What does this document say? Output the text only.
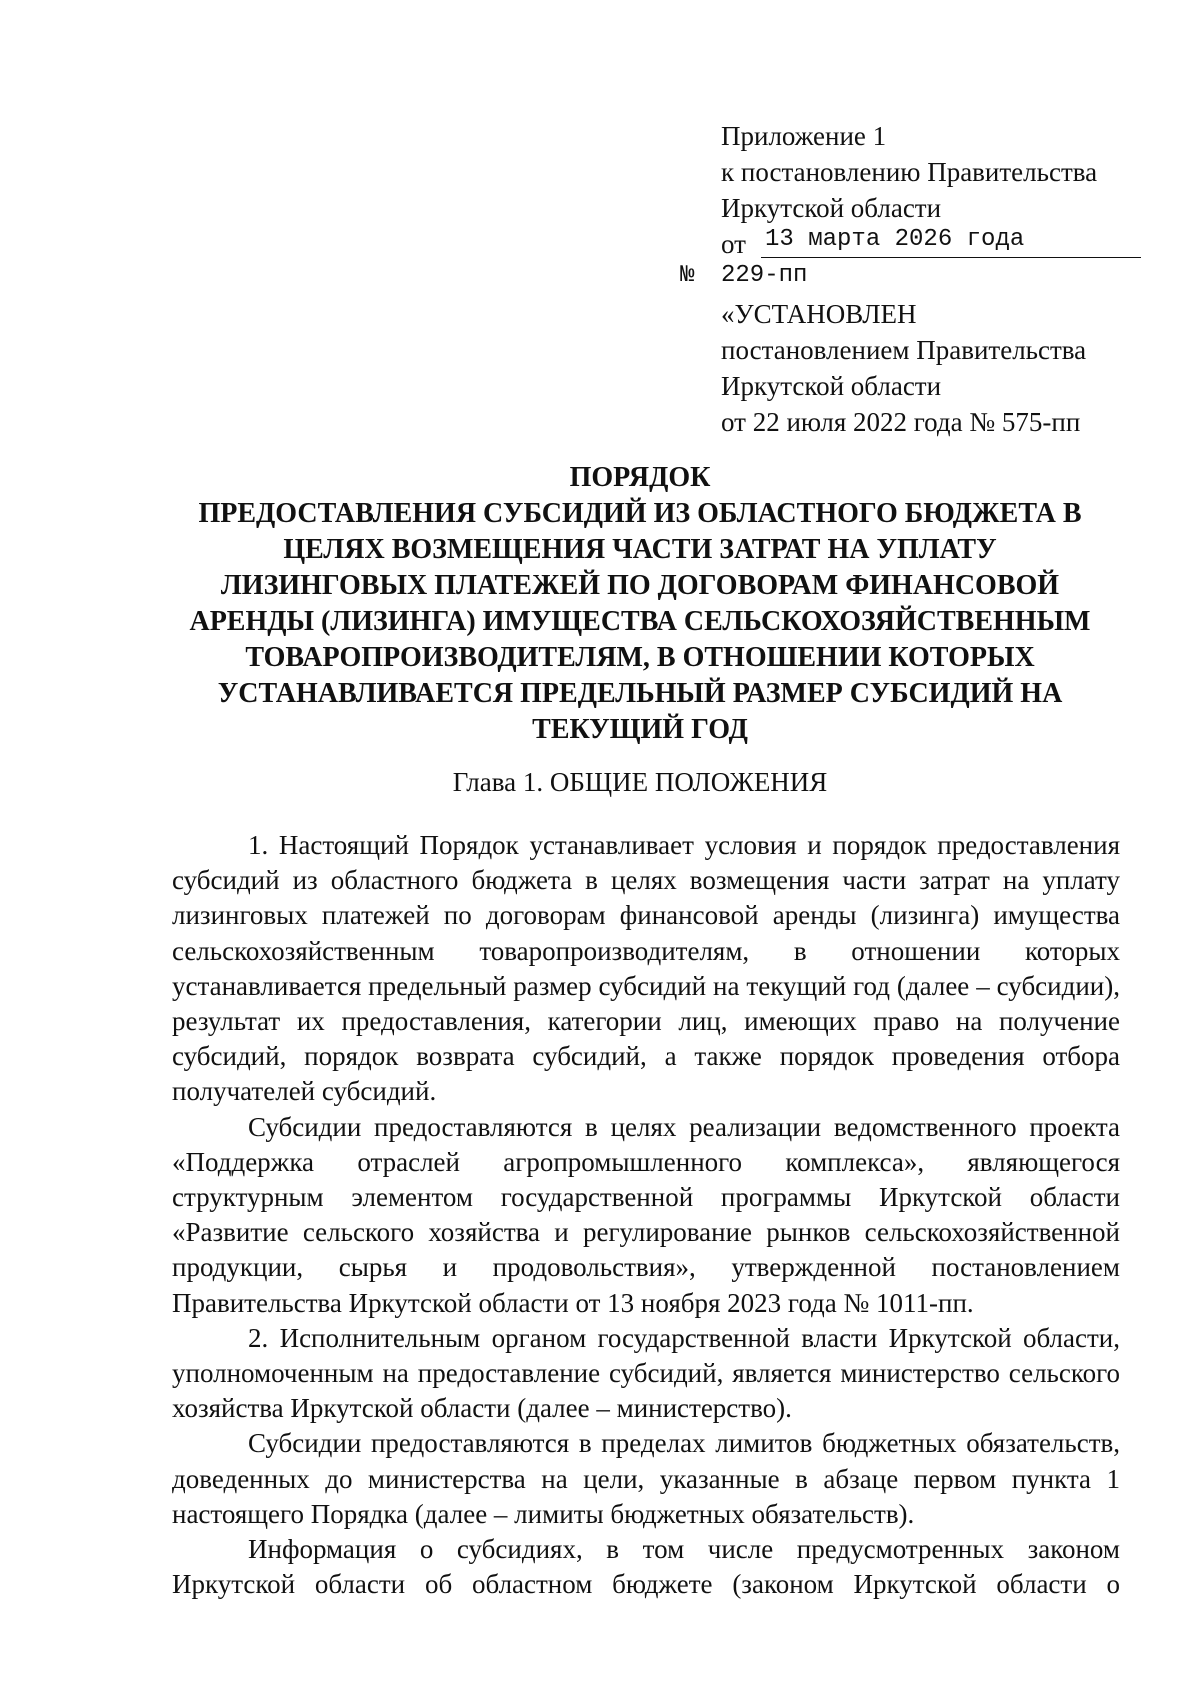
Приложение 1
к постановлению Правительства
Иркутской области
от 13 марта 2026 года
№ 229-пп
«УСТАНОВЛЕН
постановлением Правительства
Иркутской области
от 22 июля 2022 года № 575-пп
ПОРЯДОК
ПРЕДОСТАВЛЕНИЯ СУБСИДИЙ ИЗ ОБЛАСТНОГО БЮДЖЕТА В
ЦЕЛЯХ ВОЗМЕЩЕНИЯ ЧАСТИ ЗАТРАТ НА УПЛАТУ
ЛИЗИНГОВЫХ ПЛАТЕЖЕЙ ПО ДОГОВОРАМ ФИНАНСОВОЙ
АРЕНДЫ (ЛИЗИНГА) ИМУЩЕСТВА СЕЛЬСКОХОЗЯЙСТВЕННЫМ
ТОВАРОПРОИЗВОДИТЕЛЯМ, В ОТНОШЕНИИ КОТОРЫХ
УСТАНАВЛИВАЕТСЯ ПРЕДЕЛЬНЫЙ РАЗМЕР СУБСИДИЙ НА
ТЕКУЩИЙ ГОД
Глава 1. ОБЩИЕ ПОЛОЖЕНИЯ

1. Настоящий Порядок устанавливает условия и порядок предоставления субсидий из областного бюджета в целях возмещения части затрат на уплату лизинговых платежей по договорам финансовой аренды (лизинга) имущества сельскохозяйственным товаропроизводителям, в отношении которых устанавливается предельный размер субсидий на текущий год (далее – субсидии), результат их предоставления, категории лиц, имеющих право на получение субсидий, порядок возврата субсидий, а также порядок проведения отбора получателей субсидий.

Субсидии предоставляются в целях реализации ведомственного проекта «Поддержка отраслей агропромышленного комплекса», являющегося структурным элементом государственной программы Иркутской области «Развитие сельского хозяйства и регулирование рынков сельскохозяйственной продукции, сырья и продовольствия», утвержденной постановлением Правительства Иркутской области от 13 ноября 2023 года № 1011-пп.

2. Исполнительным органом государственной власти Иркутской области, уполномоченным на предоставление субсидий, является министерство сельского хозяйства Иркутской области (далее – министерство).

Субсидии предоставляются в пределах лимитов бюджетных обязательств, доведенных до министерства на цели, указанные в абзаце первом пункта 1 настоящего Порядка (далее – лимиты бюджетных обязательств).

Информация о субсидиях, в том числе предусмотренных законом Иркутской области об областном бюджете (законом Иркутской области о
